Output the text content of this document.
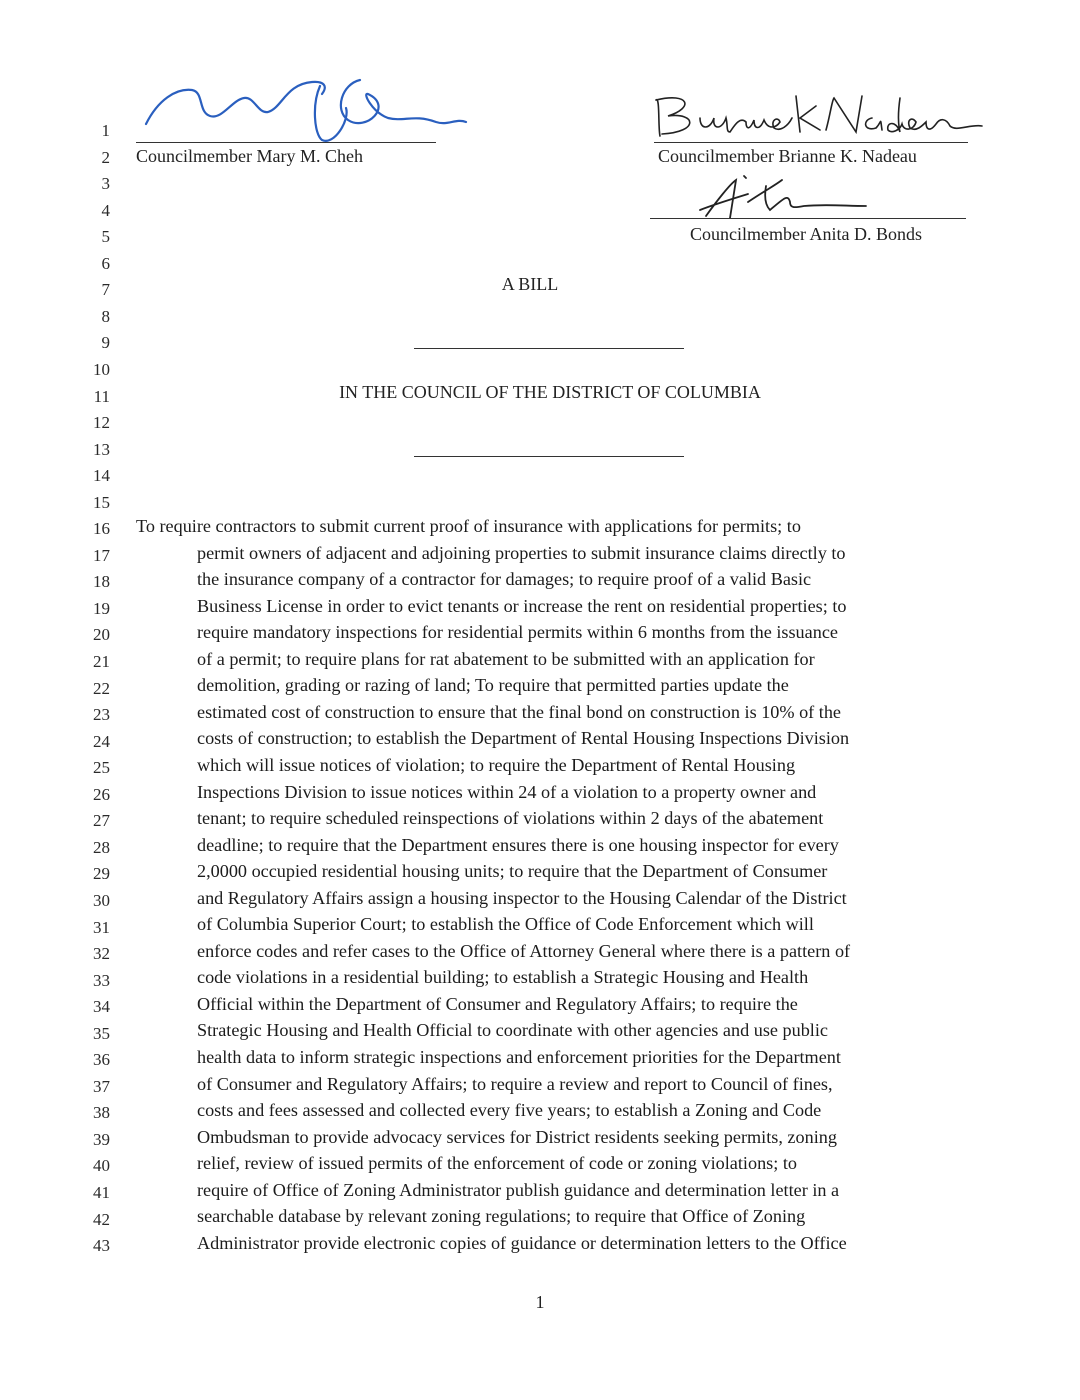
Councilmember Mary M. Cheh	Councilmember Brianne K. Nadeau
Councilmember Anita D. Bonds
A BILL
IN THE COUNCIL OF THE DISTRICT OF COLUMBIA
1
2
3
4
5
6
7
8
9
10
11
12
13
14
15
16
17
18
19
20
21
22
23
24
25
26
27
28
29
30
31
32
33
34
35
36
37
38
39
40
41
42
43
To require contractors to submit current proof of insurance with applications for permits; to
permit owners of adjacent and adjoining properties to submit insurance claims directly to
the insurance company of a contractor for damages; to require proof of a valid Basic
Business License in order to evict tenants or increase the rent on residential properties; to
require mandatory inspections for residential permits within 6 months from the issuance
of a permit; to require plans for rat abatement to be submitted with an application for
demolition, grading or razing of land; To require that permitted parties update the
estimated cost of construction to ensure that the final bond on construction is 10% of the
costs of construction; to establish the Department of Rental Housing Inspections Division
which will issue notices of violation; to require the Department of Rental Housing
Inspections Division to issue notices within 24 of a violation to a property owner and
tenant; to require scheduled reinspections of violations within 2 days of the abatement
deadline; to require that the Department ensures there is one housing inspector for every
2,0000 occupied residential housing units; to require that the Department of Consumer
and Regulatory Affairs assign a housing inspector to the Housing Calendar of the District
of Columbia Superior Court; to establish the Office of Code Enforcement which will
enforce codes and refer cases to the Office of Attorney General where there is a pattern of
code violations in a residential building; to establish a Strategic Housing and Health
Official within the Department of Consumer and Regulatory Affairs; to require the
Strategic Housing and Health Official to coordinate with other agencies and use public
health data to inform strategic inspections and enforcement priorities for the Department
of Consumer and Regulatory Affairs; to require a review and report to Council of fines,
costs and fees assessed and collected every five years; to establish a Zoning and Code
Ombudsman to provide advocacy services for District residents seeking permits, zoning
relief, review of issued permits of the enforcement of code or zoning violations; to
require of Office of Zoning Administrator publish guidance and determination letter in a
searchable database by relevant zoning regulations; to require that Office of Zoning
Administrator provide electronic copies of guidance or determination letters to the Office
1
